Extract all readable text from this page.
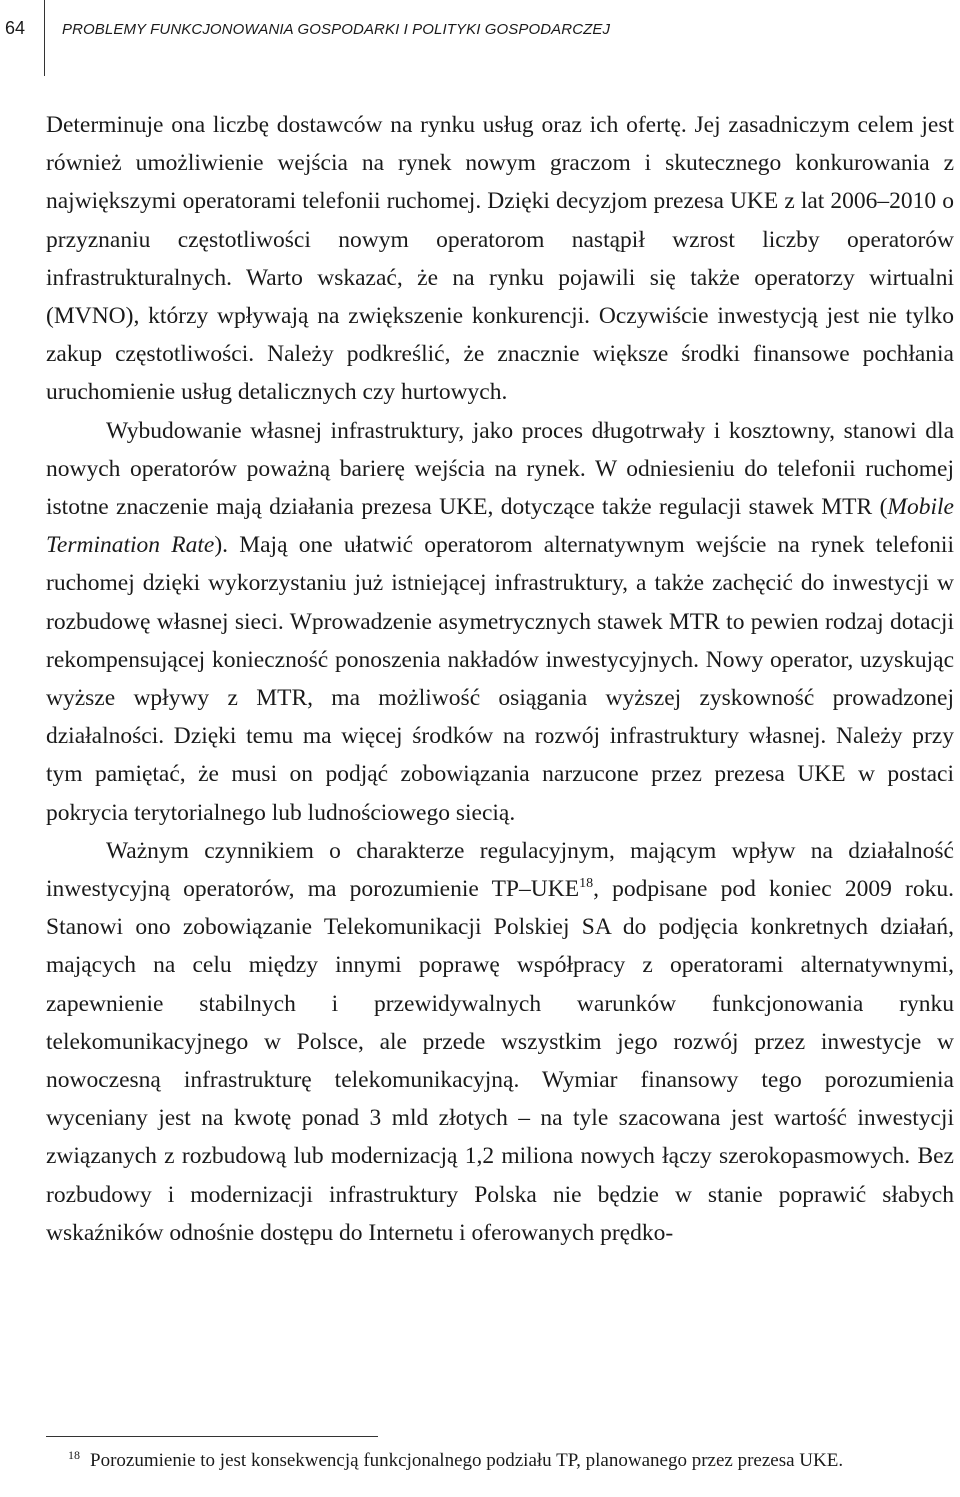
64	PROBLEMY FUNKCJONOWANIA GOSPODARKI I POLITYKI GOSPODARCZEJ

Determinuje ona liczbę dostawców na rynku usług oraz ich ofertę. Jej zasadniczym celem jest również umożliwienie wejścia na rynek nowym graczom i skutecznego konkurowania z największymi operatorami telefonii ruchomej. Dzięki decyzjom prezesa UKE z lat 2006–2010 o przyznaniu częstotliwości nowym operatorom nastąpił wzrost liczby operatorów infrastrukturalnych. Warto wskazać, że na rynku pojawili się także operatorzy wirtualni (MVNO), którzy wpływają na zwiększenie konkurencji. Oczywiście inwestycją jest nie tylko zakup częstotliwości. Należy podkreślić, że znacznie większe środki finansowe pochłania uruchomienie usług detalicznych czy hurtowych.

Wybudowanie własnej infrastruktury, jako proces długotrwały i kosztowny, stanowi dla nowych operatorów poważną barierę wejścia na rynek. W odniesieniu do telefonii ruchomej istotne znaczenie mają działania prezesa UKE, dotyczące także regulacji stawek MTR (Mobile Termination Rate). Mają one ułatwić operatorom alternatywnym wejście na rynek telefonii ruchomej dzięki wykorzystaniu już istniejącej infrastruktury, a także zachęcić do inwestycji w rozbudowę własnej sieci. Wprowadzenie asymetrycznych stawek MTR to pewien rodzaj dotacji rekompensującej konieczność ponoszenia nakładów inwestycyjnych. Nowy operator, uzyskując wyższe wpływy z MTR, ma możliwość osiągania wyższej zyskowność prowadzonej działalności. Dzięki temu ma więcej środków na rozwój infrastruktury własnej. Należy przy tym pamiętać, że musi on podjąć zobowiązania narzucone przez prezesa UKE w postaci pokrycia terytorialnego lub ludnościowego siecią.

Ważnym czynnikiem o charakterze regulacyjnym, mającym wpływ na działalność inwestycyjną operatorów, ma porozumienie TP–UKE$^{18}$, podpisane pod koniec 2009 roku. Stanowi ono zobowiązanie Telekomunikacji Polskiej SA do podjęcia konkretnych działań, mających na celu między innymi poprawę współpracy z operatorami alternatywnymi, zapewnienie stabilnych i przewidywalnych warunków funkcjonowania rynku telekomunikacyjnego w Polsce, ale przede wszystkim jego rozwój przez inwestycje w nowoczesną infrastrukturę telekomunikacyjną. Wymiar finansowy tego porozumienia wyceniany jest na kwotę ponad 3 mld złotych – na tyle szacowana jest wartość inwestycji związanych z rozbudową lub modernizacją 1,2 miliona nowych łączy szerokopasmowych. Bez rozbudowy i modernizacji infrastruktury Polska nie będzie w stanie poprawić słabych wskaźników odnośnie dostępu do Internetu i oferowanych prędko-

18 Porozumienie to jest konsekwencją funkcjonalnego podziału TP, planowanego przez prezesa UKE.
